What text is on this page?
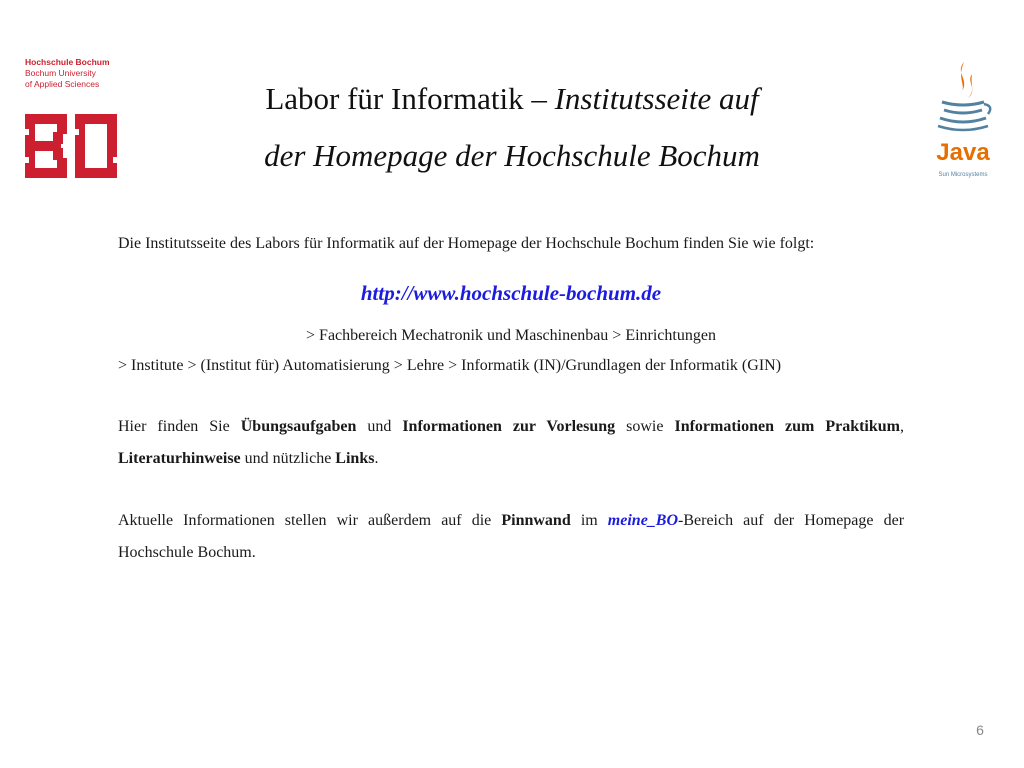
Hochschule Bochum
Bochum University
of Applied Sciences
Java
Sun Microsystems
Labor für Informatik – Institutsseite auf
der Homepage der Hochschule Bochum

Die Institutsseite des Labors für Informatik auf der Homepage der Hochschule Bochum finden Sie wie folgt:

http://www.hochschule-bochum.de
> Fachbereich Mechatronik und Maschinenbau > Einrichtungen
> Institute > (Institut für) Automatisierung > Lehre > Informatik (IN)/Grundlagen der Informatik (GIN)

Hier finden Sie Übungsaufgaben und Informationen zur Vorlesung sowie Informationen zum Praktikum, Literaturhinweise und nützliche Links.

Aktuelle Informationen stellen wir außerdem auf die Pinnwand im meine_BO-Bereich auf der Homepage der Hochschule Bochum.

6
